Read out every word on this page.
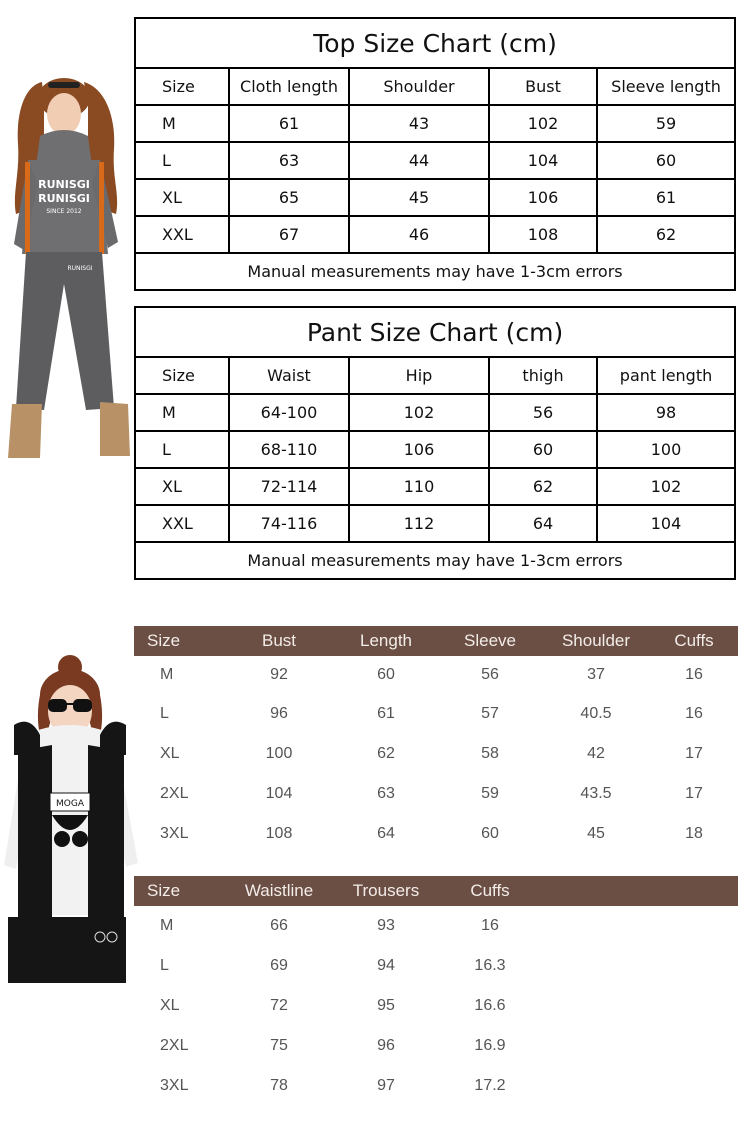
RUNISGI
RUNISGI
SINCE 2012
RUNISGI
Top Size Chart (cm)				
Size	Cloth length	Shoulder	Bust	Sleeve length
M	61	43	102	59
L	63	44	104	60
XL	65	45	106	61
XXL	67	46	108	62
Manual measurements may have 1-3cm errors				
Pant Size Chart (cm)				
Size	Waist	Hip	thigh	pant length
M	64-100	102	56	98
L	68-110	106	60	100
XL	72-114	110	62	102
XXL	74-116	112	64	104
Manual measurements may have 1-3cm errors				
MOGA
Size	Bust	Length	Sleeve	Shoulder	Cuffs
M	92	60	56	37	16
L	96	61	57	40.5	16
XL	100	62	58	42	17
2XL	104	63	59	43.5	17
3XL	108	64	60	45	18
Size	Waistline	Trousers	Cuffs		
M	66	93	16		
L	69	94	16.3		
XL	72	95	16.6		
2XL	75	96	16.9		
3XL	78	97	17.2		
